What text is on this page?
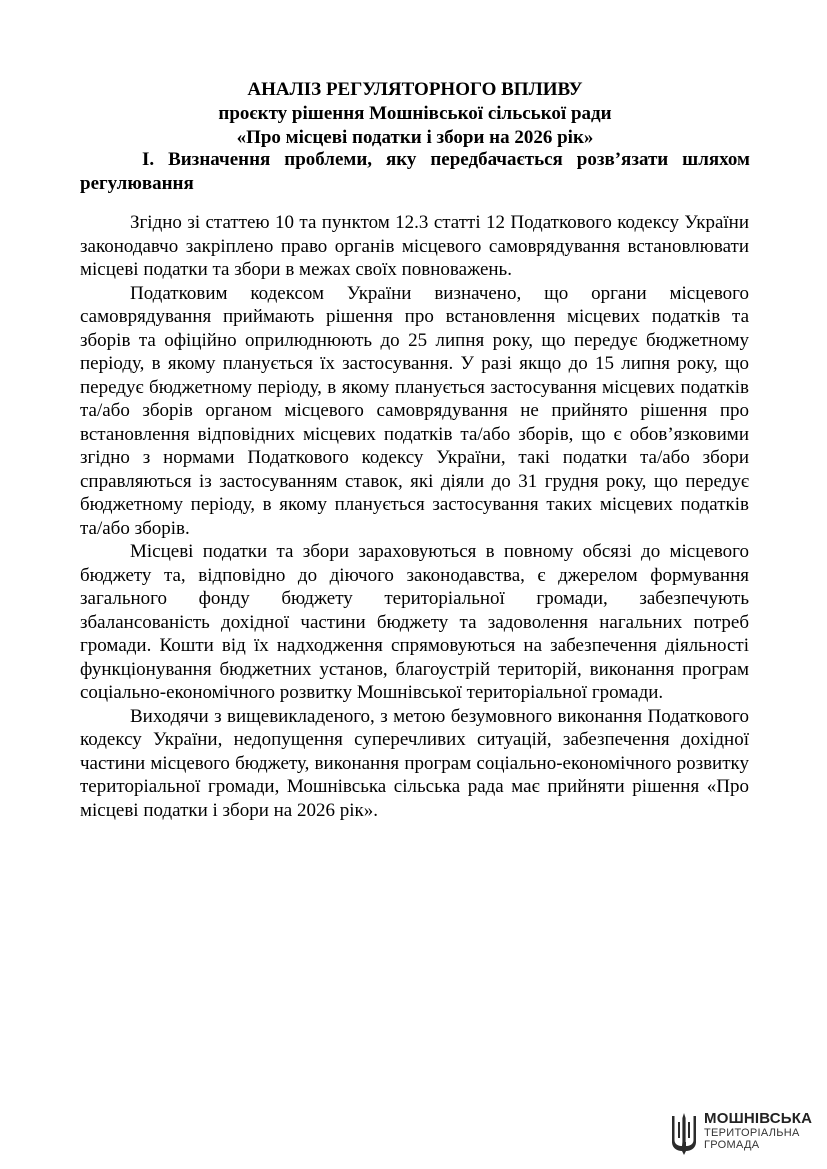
АНАЛІЗ РЕГУЛЯТОРНОГО ВПЛИВУ
проєкту рішення Мошнівської сільської ради
«Про місцеві податки і збори на 2026 рік»
І. Визначення проблеми, яку передбачається розв’язати шляхом
регулювання

Згідно зі статтею 10 та пунктом 12.3 статті 12 Податкового кодексу України законодавчо закріплено право органів місцевого самоврядування встановлювати місцеві податки та збори в межах своїх повноважень.

Податковим кодексом України визначено, що органи місцевого самоврядування приймають рішення про встановлення місцевих податків та зборів та офіційно оприлюднюють до 25 липня року, що передує бюджетному періоду, в якому планується їх застосування. У разі якщо до 15 липня року, що передує бюджетному періоду, в якому планується застосування місцевих податків та/або зборів органом місцевого самоврядування не прийнято рішення про встановлення відповідних місцевих податків та/або зборів, що є обов’язковими згідно з нормами Податкового кодексу України, такі податки та/або збори справляються із застосуванням ставок, які діяли до 31 грудня року, що передує бюджетному періоду, в якому планується застосування таких місцевих податків та/або зборів.

Місцеві податки та збори зараховуються в повному обсязі до місцевого бюджету та, відповідно до діючого законодавства, є джерелом формування загального фонду бюджету територіальної громади, забезпечують збалансованість дохідної частини бюджету та задоволення нагальних потреб громади. Кошти від їх надходження спрямовуються на забезпечення діяльності функціонування бюджетних установ, благоустрій територій, виконання програм соціально-економічного розвитку Мошнівської територіальної громади.

Виходячи з вищевикладеного, з метою безумовного виконання Податкового кодексу України, недопущення суперечливих ситуацій, забезпечення дохідної частини місцевого бюджету, виконання програм соціально-економічного розвитку територіальної громади, Мошнівська сільська рада має прийняти рішення «Про місцеві податки і збори на 2026 рік».

МОШНІВСЬКА
ТЕРИТОРІАЛЬНА
ГРОМАДА
